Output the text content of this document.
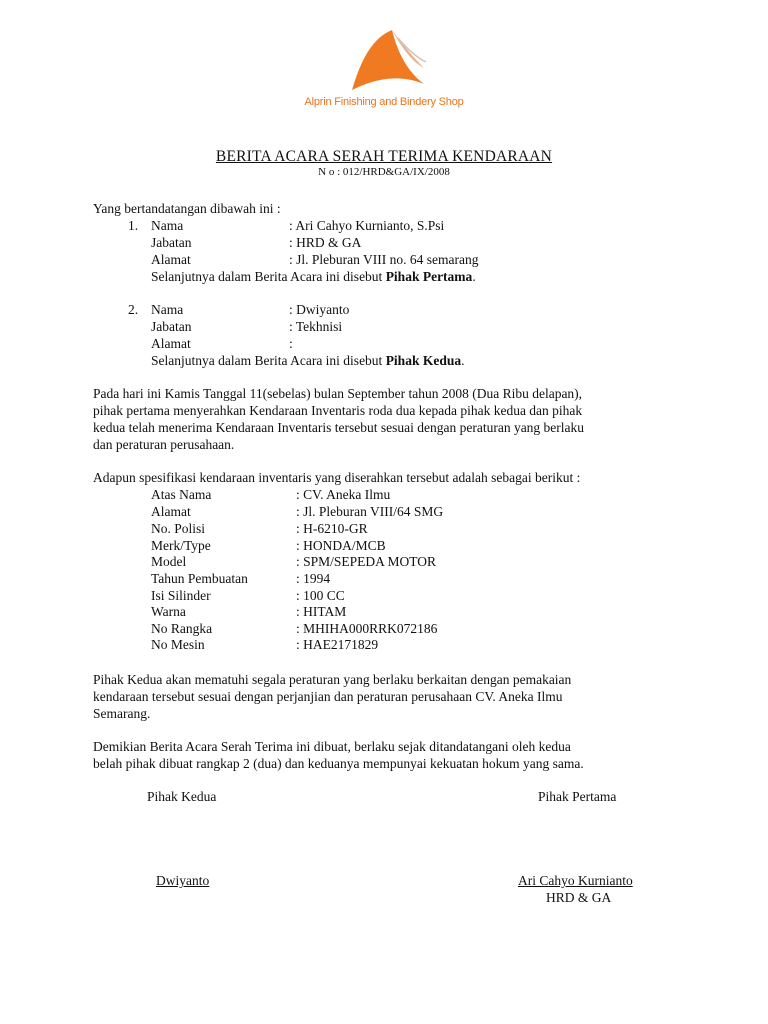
Alprin Finishing and Bindery Shop
BERITA ACARA SERAH TERIMA KENDARAAN
N o : 012/HRD&GA/IX/2008
Yang bertandatangan dibawah ini :
1. Nama	: Ari Cahyo Kurnianto, S.Psi
Jabatan	: HRD & GA
Alamat	: Jl. Pleburan VIII no. 64 semarang
Selanjutnya dalam Berita Acara ini disebut Pihak Pertama.
2. Nama	: Dwiyanto
Jabatan	: Tekhnisi
Alamat	:
Selanjutnya dalam Berita Acara ini disebut Pihak Kedua.
Pada hari ini Kamis Tanggal 11(sebelas) bulan September tahun 2008 (Dua Ribu delapan),
pihak pertama menyerahkan Kendaraan Inventaris roda dua kepada pihak kedua dan pihak
kedua telah menerima Kendaraan Inventaris tersebut sesuai dengan peraturan yang berlaku
dan peraturan perusahaan.
Adapun spesifikasi kendaraan inventaris yang diserahkan tersebut adalah sebagai berikut :
Atas Nama	: CV. Aneka Ilmu
Alamat	: Jl. Pleburan VIII/64 SMG
No. Polisi	: H-6210-GR
Merk/Type	: HONDA/MCB
Model	: SPM/SEPEDA MOTOR
Tahun Pembuatan	: 1994
Isi Silinder	: 100 CC
Warna	: HITAM
No Rangka	: MHIHA000RRK072186
No Mesin	: HAE2171829
Pihak Kedua akan mematuhi segala peraturan yang berlaku berkaitan dengan pemakaian
kendaraan tersebut sesuai dengan perjanjian dan peraturan perusahaan CV. Aneka Ilmu
Semarang.
Demikian Berita Acara Serah Terima ini dibuat, berlaku sejak ditandatangani oleh kedua
belah pihak dibuat rangkap 2 (dua) dan keduanya mempunyai kekuatan hokum yang sama.
Pihak Kedua	Pihak Pertama
Dwiyanto	Ari Cahyo Kurnianto
HRD & GA
